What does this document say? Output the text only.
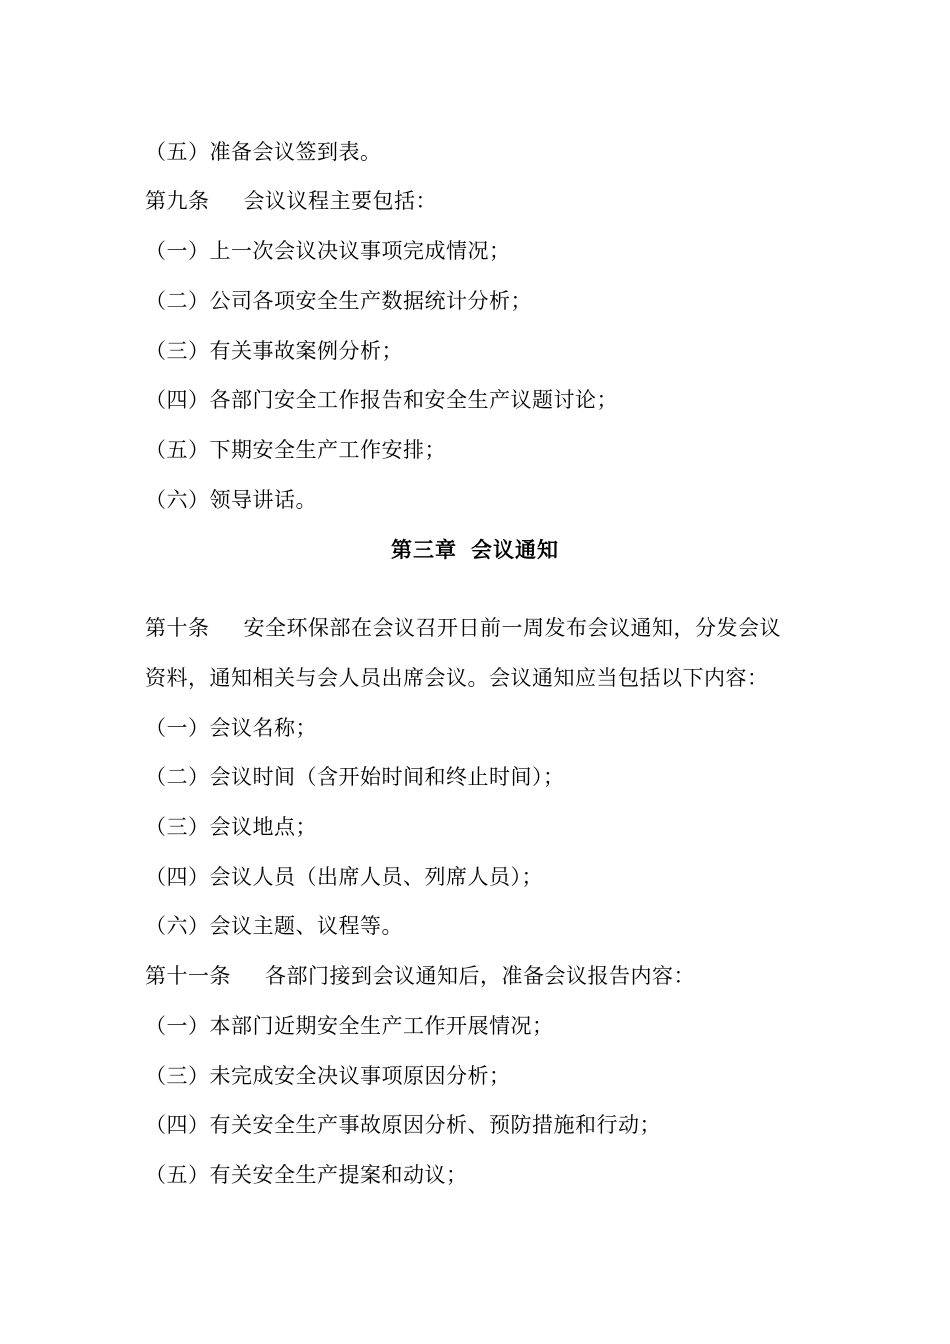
（五）准备会议签到表。
第九条 会议议程主要包括：
（一）上一次会议决议事项完成情况；
（二）公司各项安全生产数据统计分析；
（三）有关事故案例分析；
（四）各部门安全工作报告和安全生产议题讨论；
（五）下期安全生产工作安排；
（六）领导讲话。
第三章 会议通知
第十条 安全环保部在会议召开日前一周发布会议通知，分发会议
资料，通知相关与会人员出席会议。会议通知应当包括以下内容：
（一）会议名称；
（二）会议时间（含开始时间和终止时间）；
（三）会议地点；
（四）会议人员（出席人员、列席人员）；
（六）会议主题、议程等。
第十一条 各部门接到会议通知后，准备会议报告内容：
（一）本部门近期安全生产工作开展情况；
（三）未完成安全决议事项原因分析；
（四）有关安全生产事故原因分析、预防措施和行动；
（五）有关安全生产提案和动议；
